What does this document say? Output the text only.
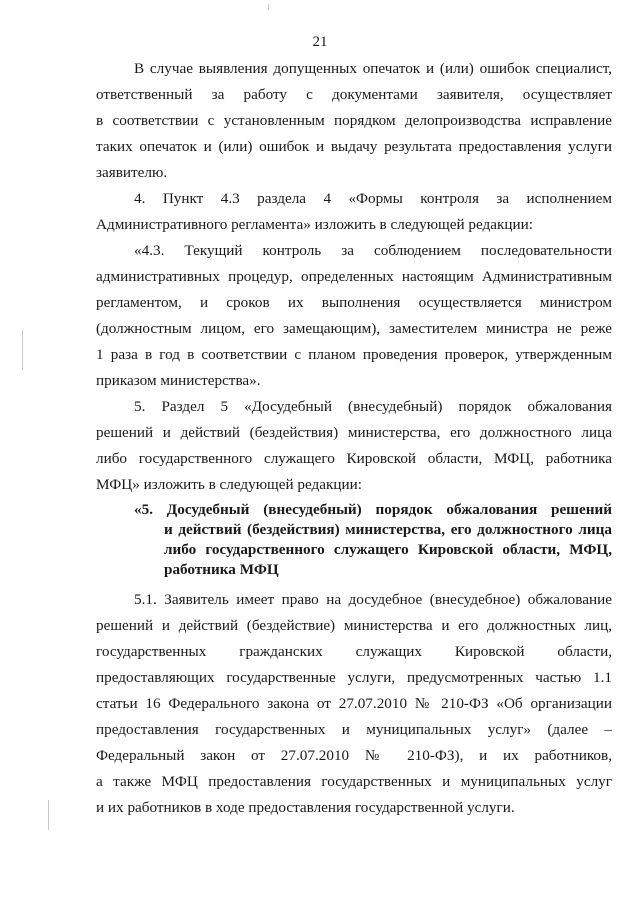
21
В случае выявления допущенных опечаток и (или) ошибок специалист,
ответственный за работу с документами заявителя, осуществляет
в соответствии с установленным порядком делопроизводства исправление
таких опечаток и (или) ошибок и выдачу результата предоставления услуги
заявителю.
4. Пункт 4.3 раздела 4 «Формы контроля за исполнением
Административного регламента» изложить в следующей редакции:
«4.3. Текущий контроль за соблюдением последовательности
административных процедур, определенных настоящим Административным
регламентом, и сроков их выполнения осуществляется министром
(должностным лицом, его замещающим), заместителем министра не реже
1 раза в год в соответствии с планом проведения проверок, утвержденным
приказом министерства».
5. Раздел 5 «Досудебный (внесудебный) порядок обжалования
решений и действий (бездействия) министерства, его должностного лица
либо государственного служащего Кировской области, МФЦ, работника
МФЦ» изложить в следующей редакции:
«5. Досудебный (внесудебный) порядок обжалования решений
и действий (бездействия) министерства, его должностного лица
либо государственного служащего Кировской области, МФЦ,
работника МФЦ
5.1. Заявитель имеет право на досудебное (внесудебное) обжалование
решений и действий (бездействие) министерства и его должностных лиц,
государственных гражданских служащих Кировской области,
предоставляющих государственные услуги, предусмотренных частью 1.1
статьи 16 Федерального закона от 27.07.2010 № 210-ФЗ «Об организации
предоставления государственных и муниципальных услуг» (далее –
Федеральный закон от 27.07.2010 № 210-ФЗ), и их работников,
а также МФЦ предоставления государственных и муниципальных услуг
и их работников в ходе предоставления государственной услуги.
